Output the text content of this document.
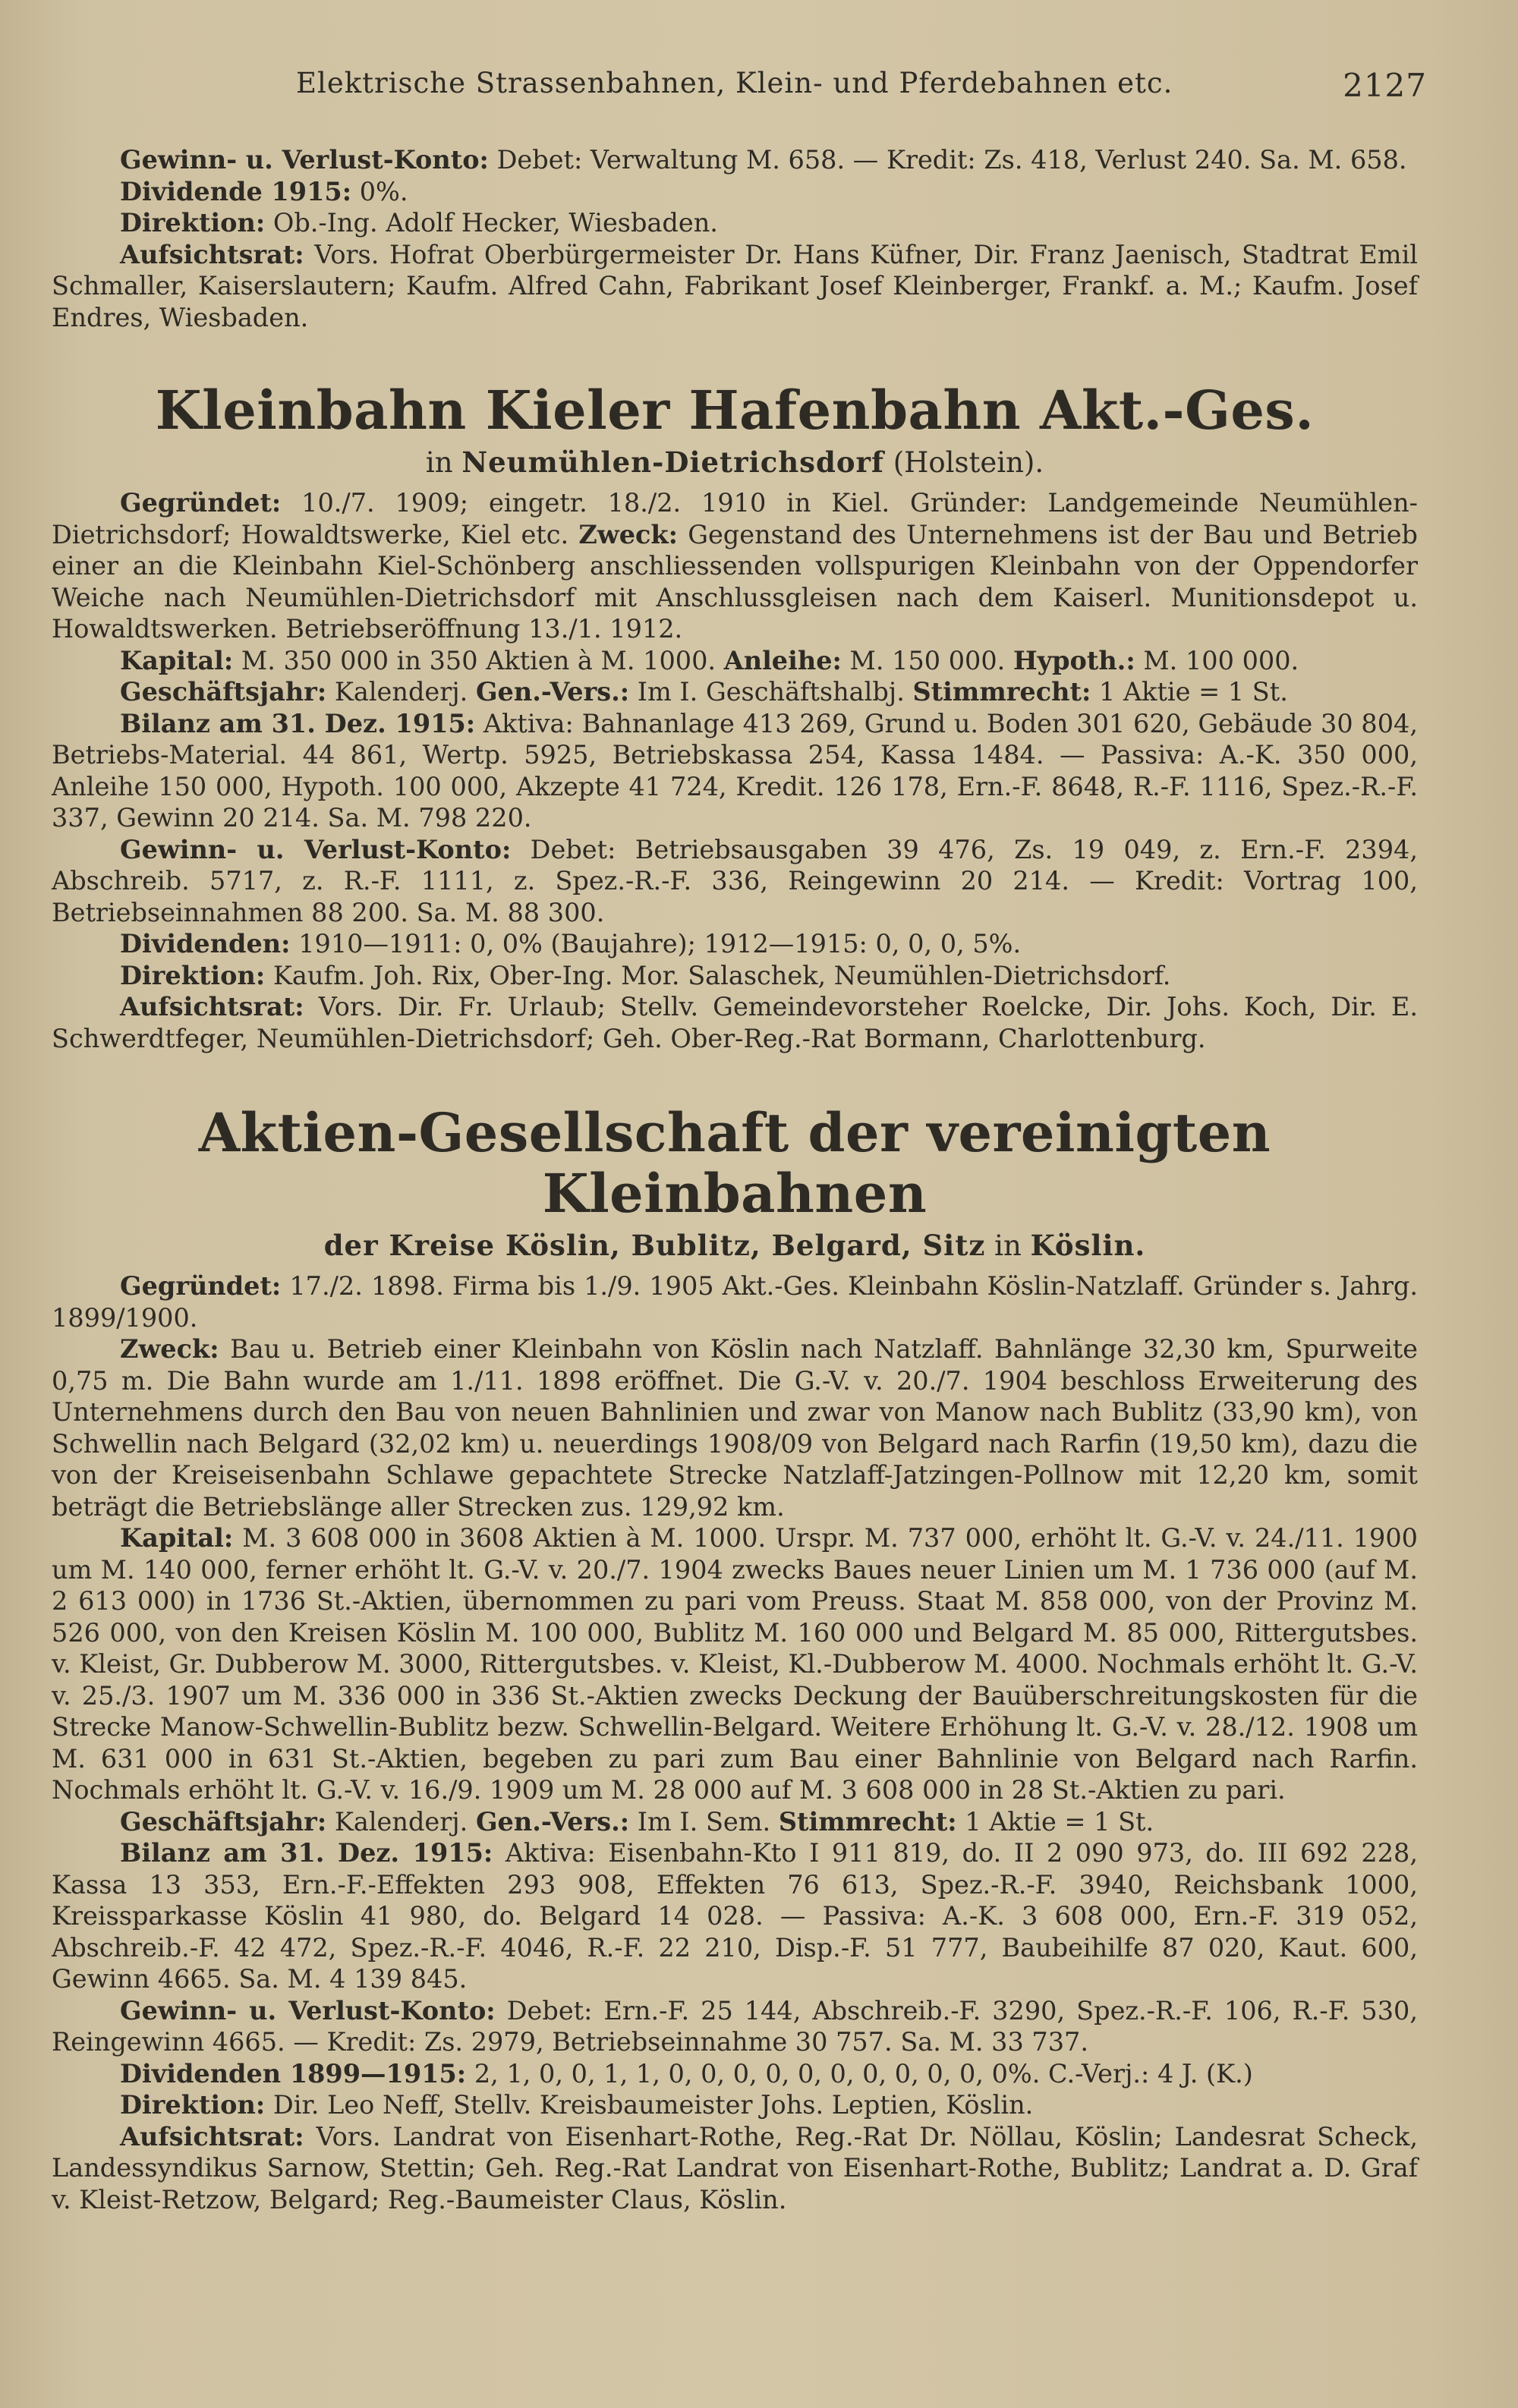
Elektrische Strassenbahnen, Klein- und Pferdebahnen etc.	2127

Gewinn- u. Verlust-Konto: Debet: Verwaltung M. 658. — Kredit: Zs. 418, Verlust 240. Sa. M. 658.

Dividende 1915: 0%.

Direktion: Ob.-Ing. Adolf Hecker, Wiesbaden.

Aufsichtsrat: Vors. Hofrat Oberbürgermeister Dr. Hans Küfner, Dir. Franz Jaenisch, Stadtrat Emil Schmaller, Kaiserslautern; Kaufm. Alfred Cahn, Fabrikant Josef Kleinberger, Frankf. a. M.; Kaufm. Josef Endres, Wiesbaden.

Kleinbahn Kieler Hafenbahn Akt.-Ges.
in Neumühlen-Dietrichsdorf (Holstein).

Gegründet: 10./7. 1909; eingetr. 18./2. 1910 in Kiel. Gründer: Landgemeinde Neumühlen-Dietrichsdorf; Howaldtswerke, Kiel etc. Zweck: Gegenstand des Unternehmens ist der Bau und Betrieb einer an die Kleinbahn Kiel-Schönberg anschliessenden vollspurigen Kleinbahn von der Oppendorfer Weiche nach Neumühlen-Dietrichsdorf mit Anschlussgleisen nach dem Kaiserl. Munitionsdepot u. Howaldtswerken. Betriebseröffnung 13./1. 1912.

Kapital: M. 350 000 in 350 Aktien à M. 1000. Anleihe: M. 150 000. Hypoth.: M. 100 000.

Geschäftsjahr: Kalenderj. Gen.-Vers.: Im I. Geschäftshalbj. Stimmrecht: 1 Aktie = 1 St.

Bilanz am 31. Dez. 1915: Aktiva: Bahnanlage 413 269, Grund u. Boden 301 620, Gebäude 30 804, Betriebs-Material. 44 861, Wertp. 5925, Betriebskassa 254, Kassa 1484. — Passiva: A.-K. 350 000, Anleihe 150 000, Hypoth. 100 000, Akzepte 41 724, Kredit. 126 178, Ern.-F. 8648, R.-F. 1116, Spez.-R.-F. 337, Gewinn 20 214. Sa. M. 798 220.

Gewinn- u. Verlust-Konto: Debet: Betriebsausgaben 39 476, Zs. 19 049, z. Ern.-F. 2394, Abschreib. 5717, z. R.-F. 1111, z. Spez.-R.-F. 336, Reingewinn 20 214. — Kredit: Vortrag 100, Betriebseinnahmen 88 200. Sa. M. 88 300.

Dividenden: 1910—1911: 0, 0% (Baujahre); 1912—1915: 0, 0, 0, 5%.

Direktion: Kaufm. Joh. Rix, Ober-Ing. Mor. Salaschek, Neumühlen-Dietrichsdorf.

Aufsichtsrat: Vors. Dir. Fr. Urlaub; Stellv. Gemeindevorsteher Roelcke, Dir. Johs. Koch, Dir. E. Schwerdtfeger, Neumühlen-Dietrichsdorf; Geh. Ober-Reg.-Rat Bormann, Charlottenburg.

Aktien-Gesellschaft der vereinigten Kleinbahnen
der Kreise Köslin, Bublitz, Belgard, Sitz in Köslin.

Gegründet: 17./2. 1898. Firma bis 1./9. 1905 Akt.-Ges. Kleinbahn Köslin-Natzlaff. Gründer s. Jahrg. 1899/1900.

Zweck: Bau u. Betrieb einer Kleinbahn von Köslin nach Natzlaff. Bahnlänge 32,30 km, Spurweite 0,75 m. Die Bahn wurde am 1./11. 1898 eröffnet. Die G.-V. v. 20./7. 1904 beschloss Erweiterung des Unternehmens durch den Bau von neuen Bahnlinien und zwar von Manow nach Bublitz (33,90 km), von Schwellin nach Belgard (32,02 km) u. neuerdings 1908/09 von Belgard nach Rarfin (19,50 km), dazu die von der Kreiseisenbahn Schlawe gepachtete Strecke Natzlaff-Jatzingen-Pollnow mit 12,20 km, somit beträgt die Betriebslänge aller Strecken zus. 129,92 km.

Kapital: M. 3 608 000 in 3608 Aktien à M. 1000. Urspr. M. 737 000, erhöht lt. G.-V. v. 24./11. 1900 um M. 140 000, ferner erhöht lt. G.-V. v. 20./7. 1904 zwecks Baues neuer Linien um M. 1 736 000 (auf M. 2 613 000) in 1736 St.-Aktien, übernommen zu pari vom Preuss. Staat M. 858 000, von der Provinz M. 526 000, von den Kreisen Köslin M. 100 000, Bublitz M. 160 000 und Belgard M. 85 000, Rittergutsbes. v. Kleist, Gr. Dubberow M. 3000, Rittergutsbes. v. Kleist, Kl.-Dubberow M. 4000. Nochmals erhöht lt. G.-V. v. 25./3. 1907 um M. 336 000 in 336 St.-Aktien zwecks Deckung der Bauüberschreitungskosten für die Strecke Manow-Schwellin-Bublitz bezw. Schwellin-Belgard. Weitere Erhöhung lt. G.-V. v. 28./12. 1908 um M. 631 000 in 631 St.-Aktien, begeben zu pari zum Bau einer Bahnlinie von Belgard nach Rarfin. Nochmals erhöht lt. G.-V. v. 16./9. 1909 um M. 28 000 auf M. 3 608 000 in 28 St.-Aktien zu pari.

Geschäftsjahr: Kalenderj. Gen.-Vers.: Im I. Sem. Stimmrecht: 1 Aktie = 1 St.

Bilanz am 31. Dez. 1915: Aktiva: Eisenbahn-Kto I 911 819, do. II 2 090 973, do. III 692 228, Kassa 13 353, Ern.-F.-Effekten 293 908, Effekten 76 613, Spez.-R.-F. 3940, Reichsbank 1000, Kreissparkasse Köslin 41 980, do. Belgard 14 028. — Passiva: A.-K. 3 608 000, Ern.-F. 319 052, Abschreib.-F. 42 472, Spez.-R.-F. 4046, R.-F. 22 210, Disp.-F. 51 777, Baubeihilfe 87 020, Kaut. 600, Gewinn 4665. Sa. M. 4 139 845.

Gewinn- u. Verlust-Konto: Debet: Ern.-F. 25 144, Abschreib.-F. 3290, Spez.-R.-F. 106, R.-F. 530, Reingewinn 4665. — Kredit: Zs. 2979, Betriebseinnahme 30 757. Sa. M. 33 737.

Dividenden 1899—1915: 2, 1, 0, 0, 1, 1, 0, 0, 0, 0, 0, 0, 0, 0, 0, 0, 0%. C.-Verj.: 4 J. (K.)

Direktion: Dir. Leo Neff, Stellv. Kreisbaumeister Johs. Leptien, Köslin.

Aufsichtsrat: Vors. Landrat von Eisenhart-Rothe, Reg.-Rat Dr. Nöllau, Köslin; Landesrat Scheck, Landessyndikus Sarnow, Stettin; Geh. Reg.-Rat Landrat von Eisenhart-Rothe, Bublitz; Landrat a. D. Graf v. Kleist-Retzow, Belgard; Reg.-Baumeister Claus, Köslin.
